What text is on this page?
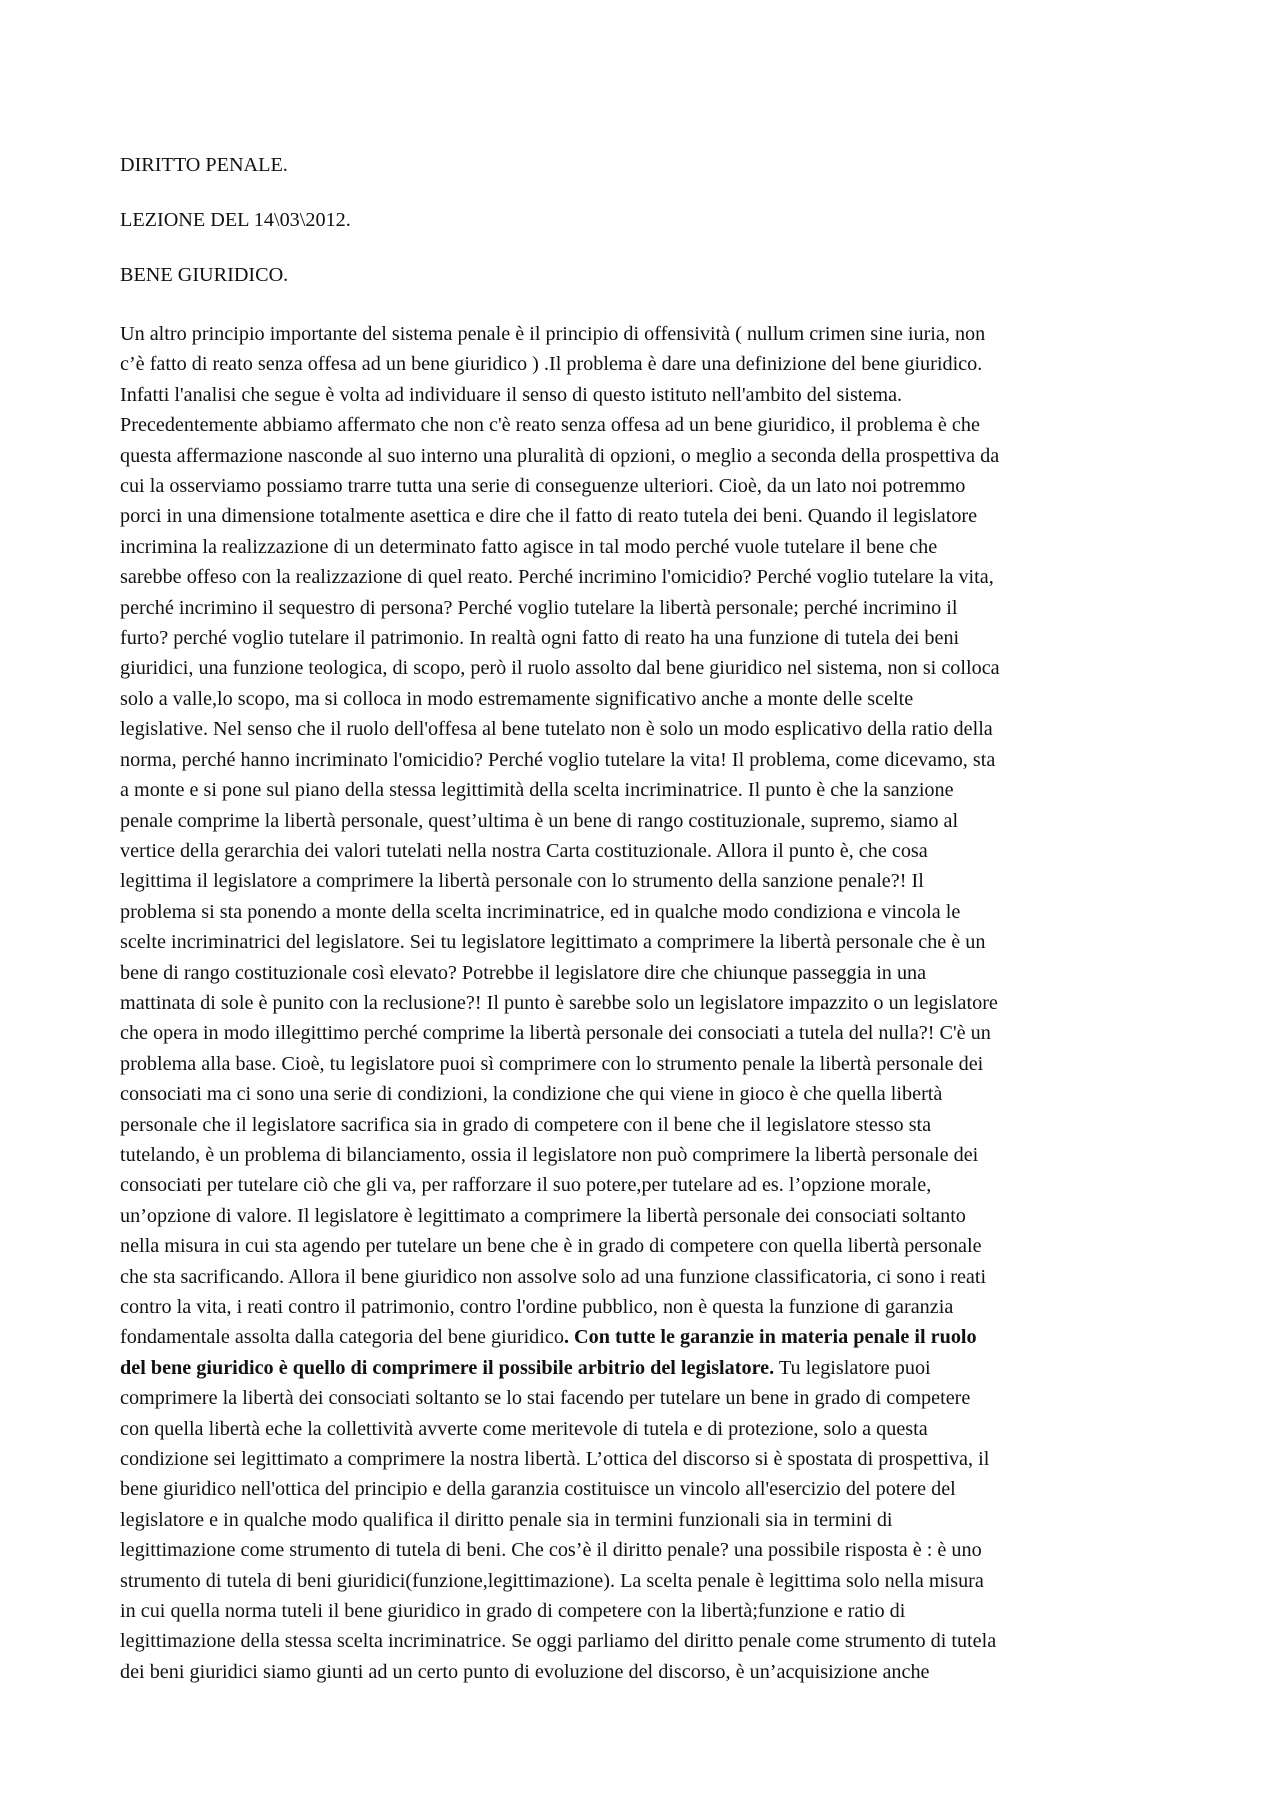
DIRITTO PENALE.

LEZIONE DEL 14\03\2012.

BENE GIURIDICO.

Un altro principio importante del sistema penale è il principio di offensività ( nullum crimen sine iuria, non
c’è fatto di reato senza offesa ad un bene giuridico ) .Il problema è dare una definizione del bene giuridico.
Infatti l'analisi che segue è volta ad individuare il senso di questo istituto nell'ambito del sistema.
Precedentemente abbiamo affermato che non c'è reato senza offesa ad un bene giuridico, il problema è che
questa affermazione nasconde al suo interno una pluralità di opzioni, o meglio a seconda della prospettiva da
cui la osserviamo possiamo trarre tutta una serie di conseguenze ulteriori. Cioè, da un lato noi potremmo
porci in una dimensione totalmente asettica e dire che il fatto di reato tutela dei beni. Quando il legislatore
incrimina la realizzazione di un determinato fatto agisce in tal modo perché vuole tutelare il bene che
sarebbe offeso con la realizzazione di quel reato. Perché incrimino l'omicidio? Perché voglio tutelare la vita,
perché incrimino il sequestro di persona? Perché voglio tutelare la libertà personale; perché incrimino il
furto? perché voglio tutelare il patrimonio. In realtà ogni fatto di reato ha una funzione di tutela dei beni
giuridici, una funzione teologica, di scopo, però il ruolo assolto dal bene giuridico nel sistema, non si colloca
solo a valle,lo scopo, ma si colloca in modo estremamente significativo anche a monte delle scelte
legislative. Nel senso che il ruolo dell'offesa al bene tutelato non è solo un modo esplicativo della ratio della
norma, perché hanno incriminato l'omicidio? Perché voglio tutelare la vita! Il problema, come dicevamo, sta
a monte e si pone sul piano della stessa legittimità della scelta incriminatrice. Il punto è che la sanzione
penale comprime la libertà personale, quest’ultima è un bene di rango costituzionale, supremo, siamo al
vertice della gerarchia dei valori tutelati nella nostra Carta costituzionale. Allora il punto è, che cosa
legittima il legislatore a comprimere la libertà personale con lo strumento della sanzione penale?! Il
problema si sta ponendo a monte della scelta incriminatrice, ed in qualche modo condiziona e vincola le
scelte incriminatrici del legislatore. Sei tu legislatore legittimato a comprimere la libertà personale che è un
bene di rango costituzionale così elevato? Potrebbe il legislatore dire che chiunque passeggia in una
mattinata di sole è punito con la reclusione?! Il punto è sarebbe solo un legislatore impazzito o un legislatore
che opera in modo illegittimo perché comprime la libertà personale dei consociati a tutela del nulla?! C'è un
problema alla base. Cioè, tu legislatore puoi sì comprimere con lo strumento penale la libertà personale dei
consociati ma ci sono una serie di condizioni, la condizione che qui viene in gioco è che quella libertà
personale che il legislatore sacrifica sia in grado di competere con il bene che il legislatore stesso sta
tutelando, è un problema di bilanciamento, ossia il legislatore non può comprimere la libertà personale dei
consociati per tutelare ciò che gli va, per rafforzare il suo potere,per tutelare ad es. l’opzione morale,
un’opzione di valore. Il legislatore è legittimato a comprimere la libertà personale dei consociati soltanto
nella misura in cui sta agendo per tutelare un bene che è in grado di competere con quella libertà personale
che sta sacrificando. Allora il bene giuridico non assolve solo ad una funzione classificatoria, ci sono i reati
contro la vita, i reati contro il patrimonio, contro l'ordine pubblico, non è questa la funzione di garanzia
fondamentale assolta dalla categoria del bene giuridico. Con tutte le garanzie in materia penale il ruolo
del bene giuridico è quello di comprimere il possibile arbitrio del legislatore. Tu legislatore puoi
comprimere la libertà dei consociati soltanto se lo stai facendo per tutelare un bene in grado di competere
con quella libertà eche la collettività avverte come meritevole di tutela e di protezione, solo a questa
condizione sei legittimato a comprimere la nostra libertà. L’ottica del discorso si è spostata di prospettiva, il
bene giuridico nell'ottica del principio e della garanzia costituisce un vincolo all'esercizio del potere del
legislatore e in qualche modo qualifica il diritto penale sia in termini funzionali sia in termini di
legittimazione come strumento di tutela di beni. Che cos’è il diritto penale? una possibile risposta è : è uno
strumento di tutela di beni giuridici(funzione,legittimazione). La scelta penale è legittima solo nella misura
in cui quella norma tuteli il bene giuridico in grado di competere con la libertà;funzione e ratio di
legittimazione della stessa scelta incriminatrice. Se oggi parliamo del diritto penale come strumento di tutela
dei beni giuridici siamo giunti ad un certo punto di evoluzione del discorso, è un’acquisizione anche
